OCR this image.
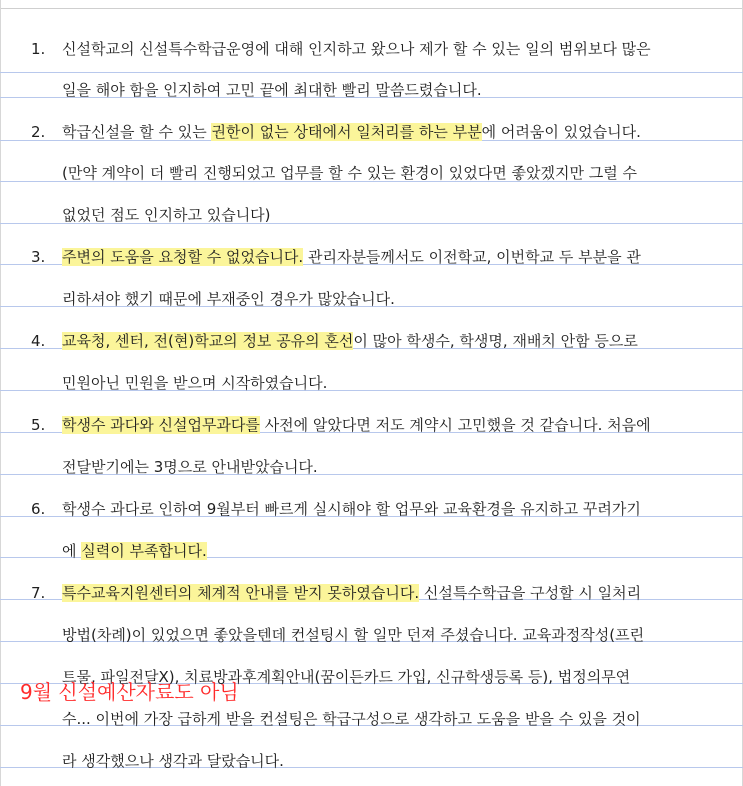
1. 신설학교의 신설특수학급운영에 대해 인지하고 왔으나 제가 할 수 있는 일의 범위보다 많은
일을 해야 함을 인지하여 고민 끝에 최대한 빨리 말씀드렸습니다.
2. 학급신설을 할 수 있는 권한이 없는 상태에서 일처리를 하는 부분에 어려움이 있었습니다.
(만약 계약이 더 빨리 진행되었고 업무를 할 수 있는 환경이 있었다면 좋았겠지만 그럴 수
없었던 점도 인지하고 있습니다)
3. 주변의 도움을 요청할 수 없었습니다. 관리자분들께서도 이전학교, 이번학교 두 부분을 관
리하셔야 했기 때문에 부재중인 경우가 많았습니다.
4. 교육청, 센터, 전(현)학교의 정보 공유의 혼선이 많아 학생수, 학생명, 재배치 안함 등으로
민원아닌 민원을 받으며 시작하였습니다.
5. 학생수 과다와 신설업무과다를 사전에 알았다면 저도 계약시 고민했을 것 같습니다. 처음에
전달받기에는 3명으로 안내받았습니다.
6. 학생수 과다로 인하여 9월부터 빠르게 실시해야 할 업무와 교육환경을 유지하고 꾸려가기
에 실력이 부족합니다.
7. 특수교육지원센터의 체계적 안내를 받지 못하였습니다. 신설특수학급을 구성할 시 일처리
방법(차례)이 있었으면 좋았을텐데 컨설팅시 할 일만 던져 주셨습니다. 교육과정작성(프린
트물, 파일전달X), 치료방과후계획안내(꿈이든카드 가입, 신규학생등록 등), 법정의무연
수... 이번에 가장 급하게 받을 컨설팅은 학급구성으로 생각하고 도움을 받을 수 있을 것이
라 생각했으나 생각과 달랐습니다.
9월 신설예산자료도 아님
